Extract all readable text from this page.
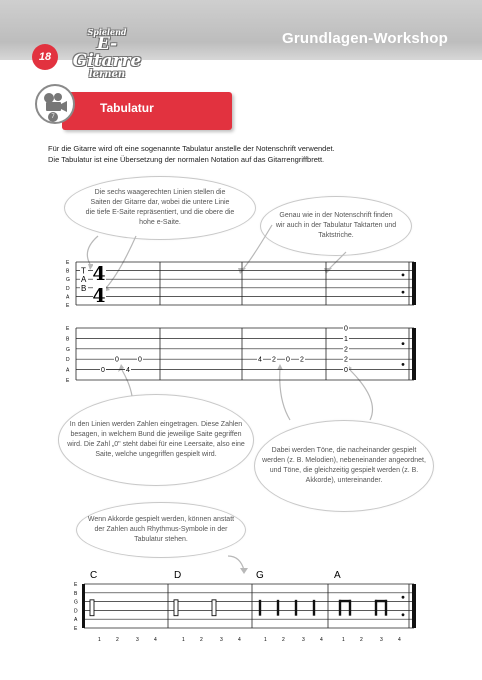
Grundlagen-Workshop
18
Spielend
E-Gitarre
lernen
Tabulatur
7
Für die Gitarre wird oft eine sogenannte Tabulatur anstelle der Notenschrift verwendet.
Die Tabulatur ist eine Übersetzung der normalen Notation auf das Gitarrengriffbrett.
Die sechs waagerechten Linien stellen die Saiten der Gitarre dar, wobei die untere Linie die tiefe E-Saite repräsentiert, und die obere die hohe e-Saite.
Genau wie in der Notenschrift finden wir auch in der Tabulatur Taktarten und Taktstriche.
In den Linien werden Zahlen eingetragen. Diese Zahlen besagen, in welchem Bund die jeweilige Saite gegriffen wird. Die Zahl „0" steht dabei für eine Leersaite, also eine Saite, welche ungegriffen gespielt wird.
Dabei werden Töne, die nacheinander gespielt werden (z. B. Melodien), nebeneinander angeordnet, und Töne, die gleichzeitig gespielt werden (z. B. Akkorde), untereinander.
Wenn Akkorde gespielt werden, können anstatt der Zahlen auch Rhythmus-Symbole in der Tabulatur stehen.
E
B
G
D
A
E
T
A
B
4
4
E
B
G
D
A
E
0	0
0	4
4 2 0 2
0
1
2
2
0
E
B
G
D
A
E
C	D	G	A
1	2	3	4	1	2	3	4	1	2	3	4	1	2	3	4
